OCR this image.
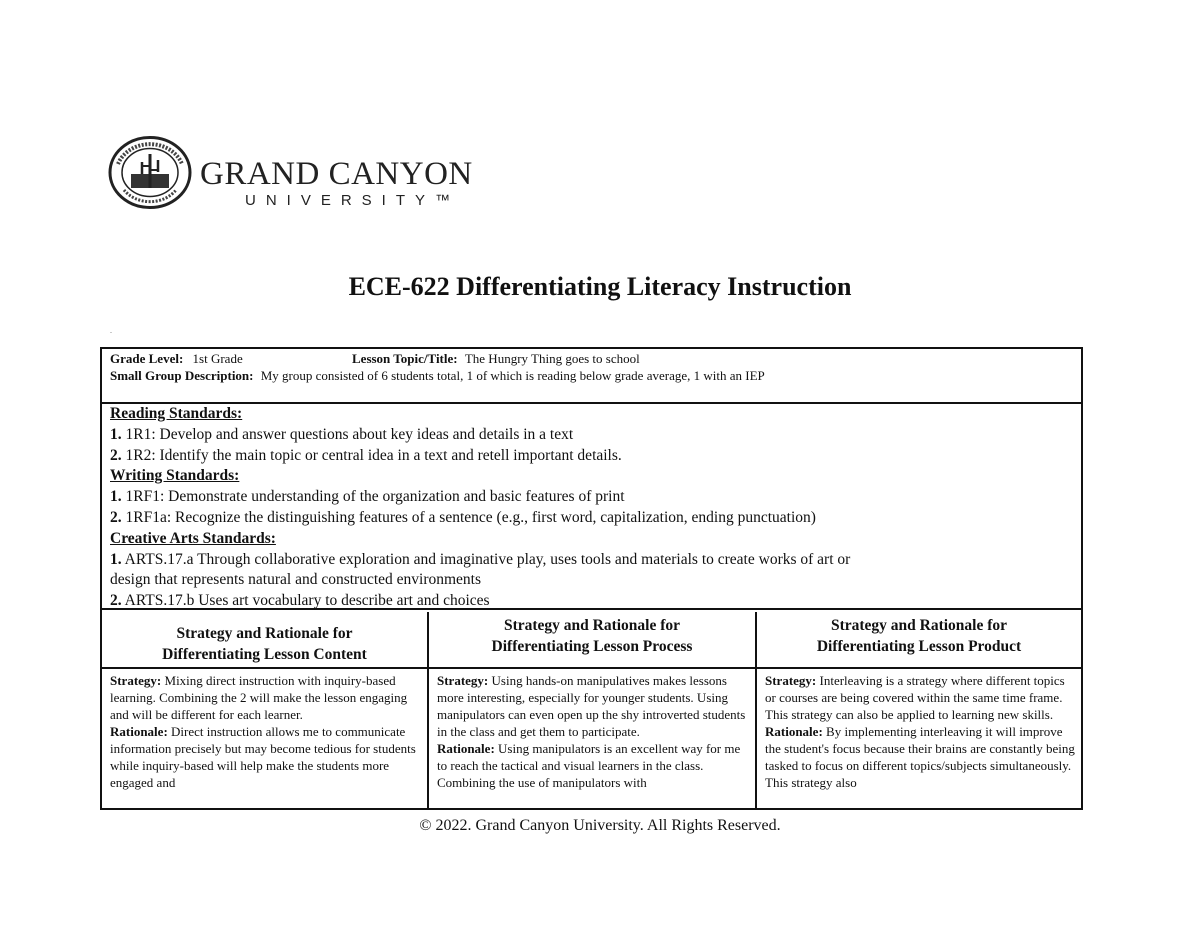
GRAND CANYON
UNIVERSITY™
ECE-622 Differentiating Literacy Instruction
.
Grade Level: 1st Grade	Lesson Topic/Title: The Hungry Thing goes to school
Small Group Description: My group consisted of 6 students total, 1 of which is reading below grade average, 1 with an IEP
Reading Standards:
1. 1R1: Develop and answer questions about key ideas and details in a text
2. 1R2: Identify the main topic or central idea in a text and retell important details.
Writing Standards:
1. 1RF1: Demonstrate understanding of the organization and basic features of print
2. 1RF1a: Recognize the distinguishing features of a sentence (e.g., first word, capitalization, ending punctuation)
Creative Arts Standards:
1. ARTS.17.a Through collaborative exploration and imaginative play, uses tools and materials to create works of art or
design that represents natural and constructed environments
2. ARTS.17.b Uses art vocabulary to describe art and choices
Strategy and Rationale for
Differentiating Lesson Content
Strategy: Mixing direct instruction with inquiry-based learning. Combining the 2 will make the lesson engaging and will be different for each learner.
Rationale: Direct instruction allows me to communicate information precisely but may become tedious for students while inquiry-based will help make the students more engaged and
Strategy and Rationale for
Differentiating Lesson Process
Strategy: Using hands-on manipulatives makes lessons more interesting, especially for younger students. Using manipulators can even open up the shy introverted students in the class and get them to participate.
Rationale: Using manipulators is an excellent way for me to reach the tactical and visual learners in the class. Combining the use of manipulators with
Strategy and Rationale for
Differentiating Lesson Product
Strategy: Interleaving is a strategy where different topics or courses are being covered within the same time frame. This strategy can also be applied to learning new skills.
Rationale: By implementing interleaving it will improve the student's focus because their brains are constantly being tasked to focus on different topics/subjects simultaneously. This strategy also
© 2022. Grand Canyon University. All Rights Reserved.
